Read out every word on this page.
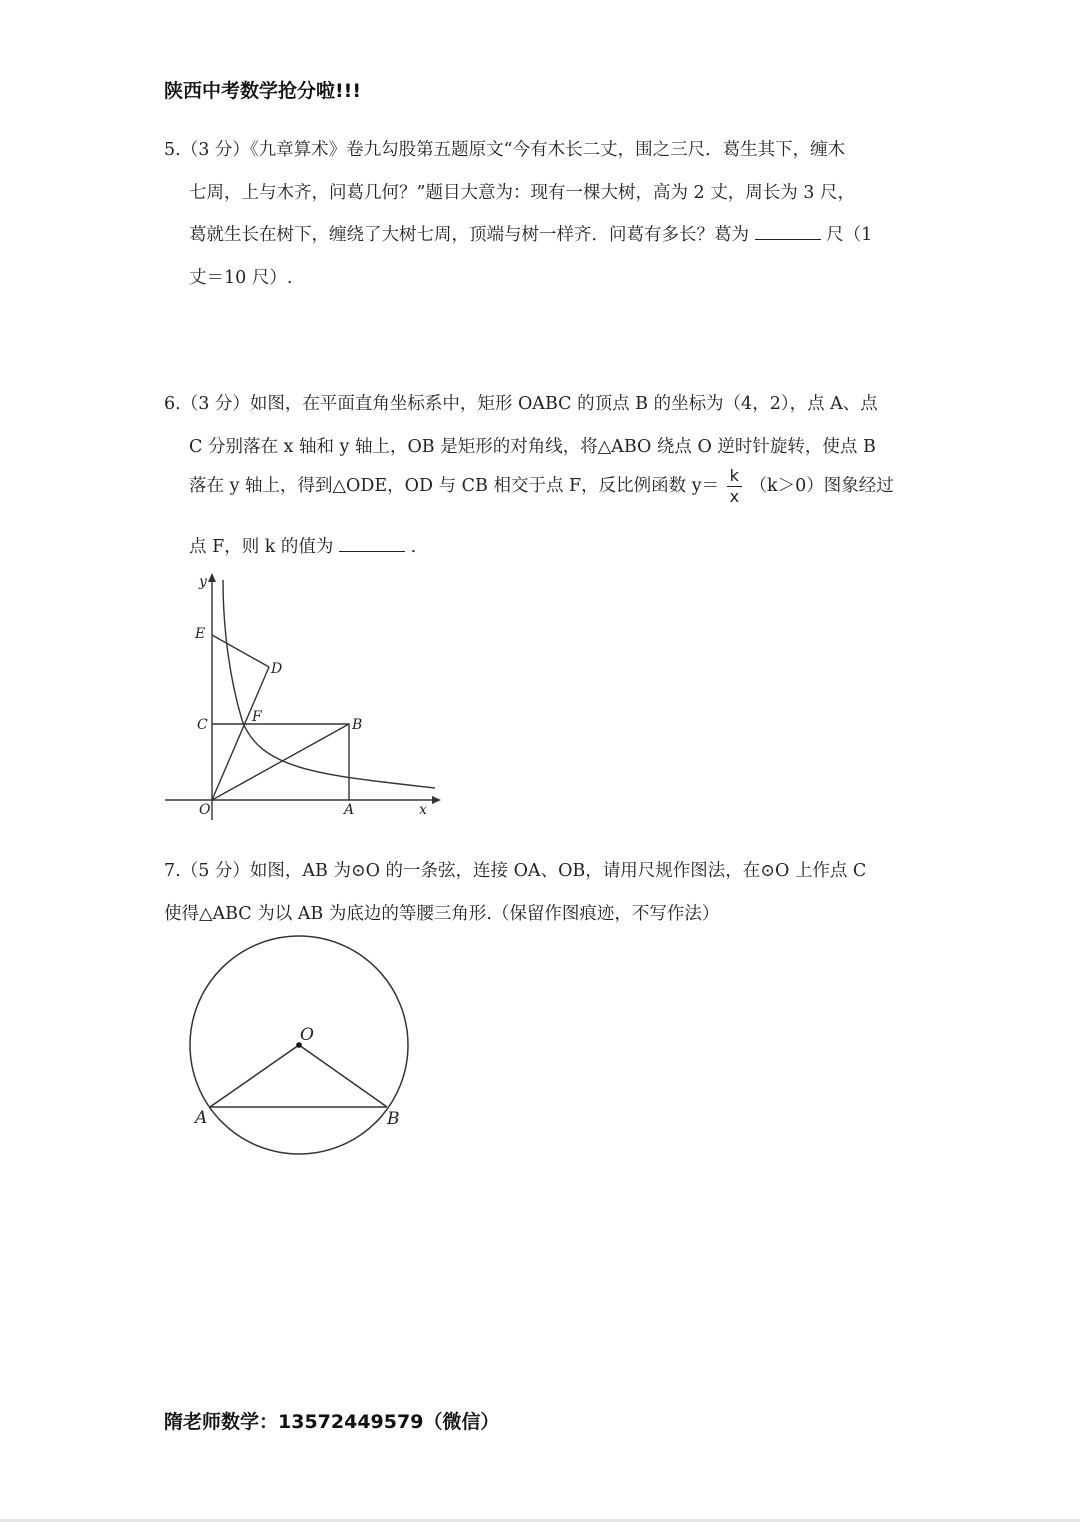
陕西中考数学抢分啦!!!
5.（3 分）《九章算术》卷九勾股第五题原文“今有木长二丈，围之三尺．葛生其下，缠木
七周，上与木齐，问葛几何？”题目大意为：现有一棵大树，高为 2 丈，周长为 3 尺，
葛就生长在树下，缠绕了大树七周，顶端与树一样齐．问葛有多长？葛为	尺（1
丈＝10 尺）.
6.（3 分）如图，在平面直角坐标系中，矩形 OABC 的顶点 B 的坐标为（4，2），点 A、点
C 分别落在 x 轴和 y 轴上，OB 是矩形的对角线，将△ABO 绕点 O 逆时针旋转，使点 B
落在 y 轴上，得到△ODE，OD 与 CB 相交于点 F，反比例函数 $y= \frac{k}{x} (k>0)$图象经过
点 F，则 k 的值为	.
y
x
O	A
B
C
D
E
F
7.（5 分）如图，AB 为⊙O 的一条弦，连接 OA、OB，请用尺规作图法，在⊙O 上作点 C
使得△ABC 为以 AB 为底边的等腰三角形.（保留作图痕迹，不写作法）
O
A	B
隋老师数学：13572449579（微信）
